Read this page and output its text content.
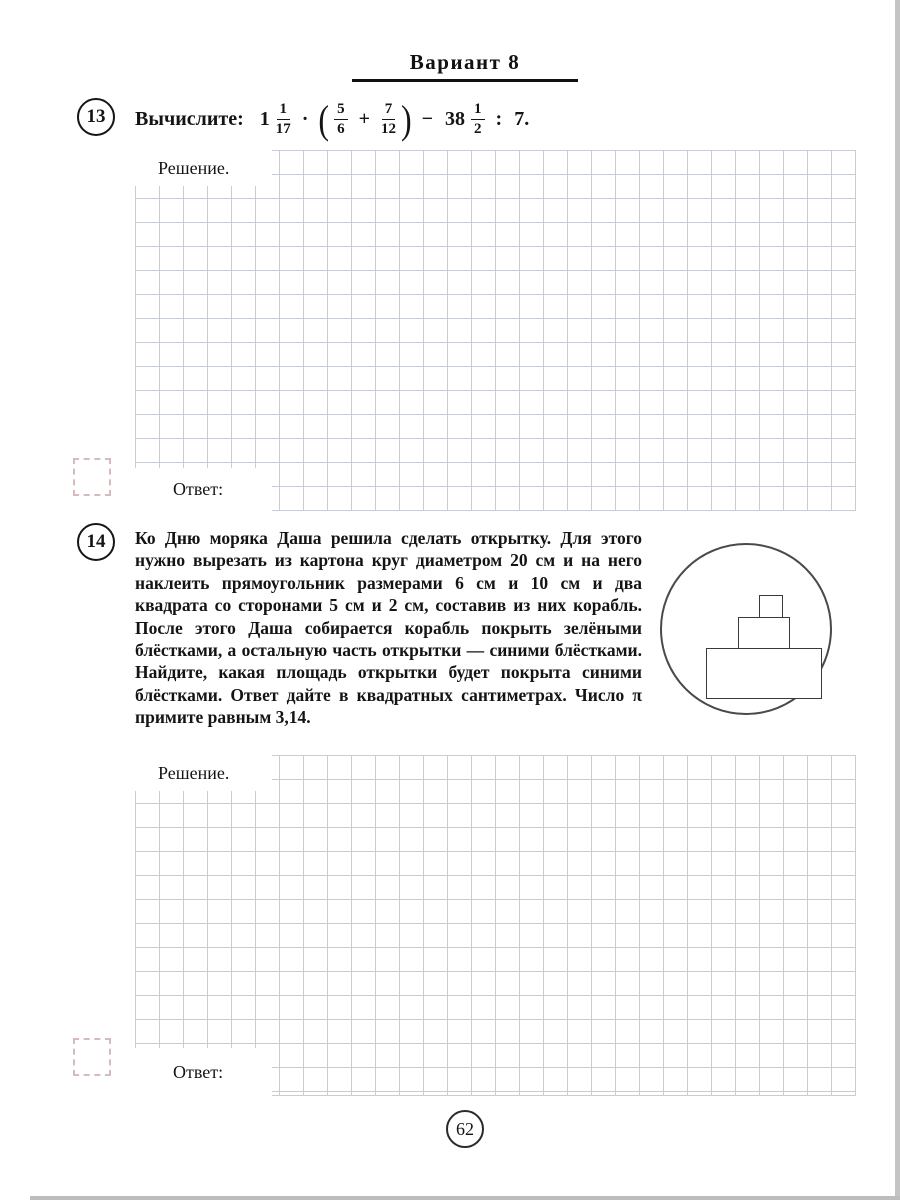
Вариант 8
13 Вычислите: $1 \frac{1}{17}$ · ( $\frac{5}{6} + \frac{7}{12}$ ) − $38 \frac{1}{2}$ : 7.
Решение.
Ответ:
14 Ко Дню моряка Даша решила сделать открытку. Для этого нужно вырезать из картона круг диаметром 20 см и на него наклеить прямоугольник размерами 6 см и 10 см и два квадрата со сторонами 5 см и 2 см, составив из них корабль. После этого Даша собирается корабль покрыть зелёными блёстками, а остальную часть открытки — синими блёстками. Найдите, какая площадь открытки будет покрыта синими блёстками. Ответ дайте в квадратных сантиметрах. Число π примите равным 3,14.
Решение.
Ответ:
62
